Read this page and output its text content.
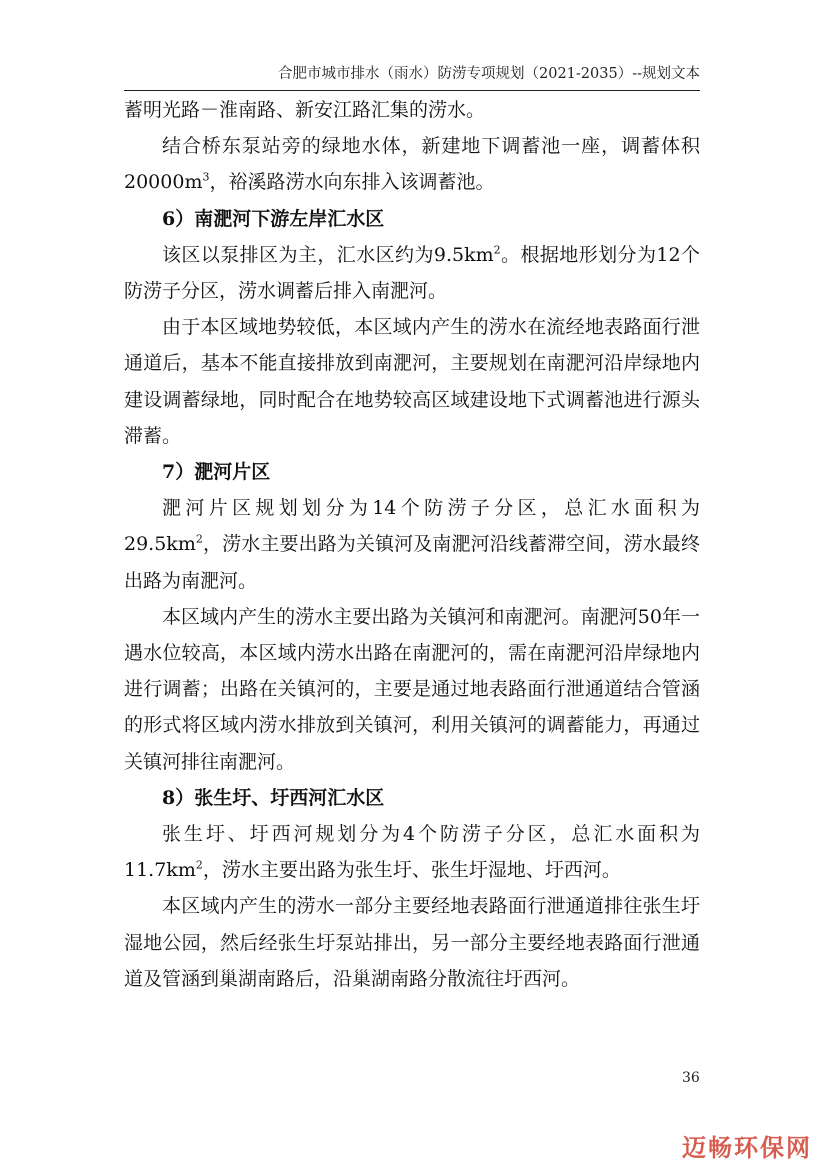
合肥市城市排水（雨水）防涝专项规划（2021-2035）--规划文本

蓄明光路－淮南路、新安江路汇集的涝水。

结合桥东泵站旁的绿地水体，新建地下调蓄池一座，调蓄体积$20000m^3$，裕溪路涝水向东排入该调蓄池。

6）南淝河下游左岸汇水区

该区以泵排区为主，汇水区约为$9.5km^2$。根据地形划分为12个防涝子分区，涝水调蓄后排入南淝河。

由于本区域地势较低，本区域内产生的涝水在流经地表路面行泄通道后，基本不能直接排放到南淝河，主要规划在南淝河沿岸绿地内建设调蓄绿地，同时配合在地势较高区域建设地下式调蓄池进行源头滞蓄。

7）淝河片区

淝河片区规划划分为14个防涝子分区，总汇水面积为$29.5km^2$，涝水主要出路为关镇河及南淝河沿线蓄滞空间，涝水最终出路为南淝河。

本区域内产生的涝水主要出路为关镇河和南淝河。南淝河50年一遇水位较高，本区域内涝水出路在南淝河的，需在南淝河沿岸绿地内进行调蓄；出路在关镇河的，主要是通过地表路面行泄通道结合管涵的形式将区域内涝水排放到关镇河，利用关镇河的调蓄能力，再通过关镇河排往南淝河。

8）张生圩、圩西河汇水区

张生圩、圩西河规划分为4个防涝子分区，总汇水面积为$11.7km^2$，涝水主要出路为张生圩、张生圩湿地、圩西河。

本区域内产生的涝水一部分主要经地表路面行泄通道排往张生圩湿地公园，然后经张生圩泵站排出，另一部分主要经地表路面行泄通道及管涵到巢湖南路后，沿巢湖南路分散流往圩西河。

36
迈畅环保网
